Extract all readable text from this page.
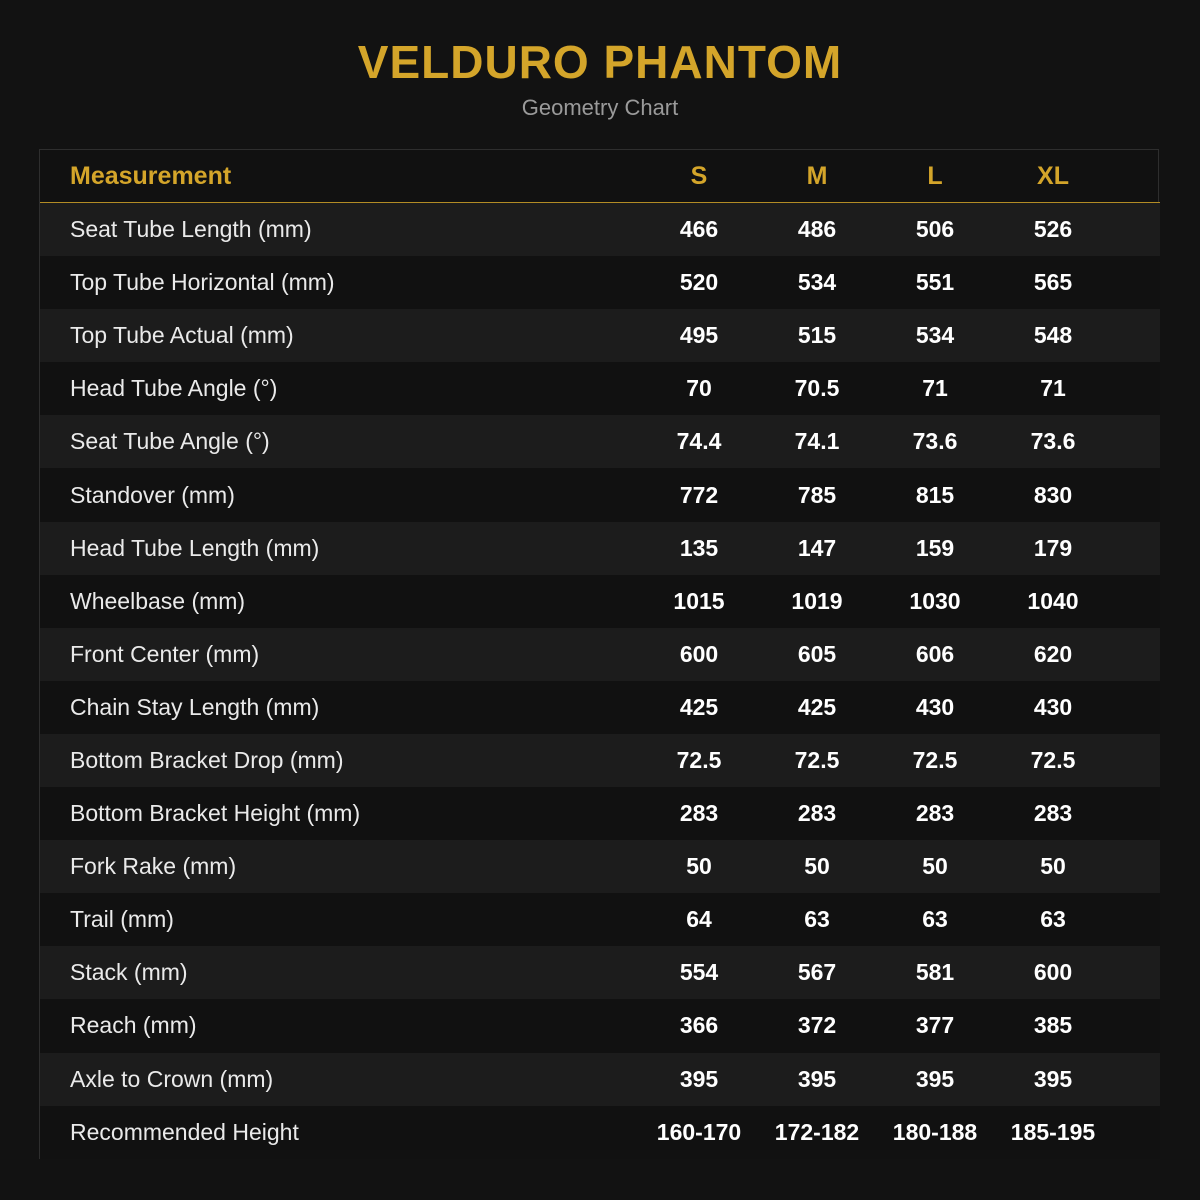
VELDURO PHANTOM
Geometry Chart
Measurement	S	M	L	XL	
Seat Tube Length (mm)	466	486	506	526	
Top Tube Horizontal (mm)	520	534	551	565	
Top Tube Actual (mm)	495	515	534	548	
Head Tube Angle (°)	70	70.5	71	71	
Seat Tube Angle (°)	74.4	74.1	73.6	73.6	
Standover (mm)	772	785	815	830	
Head Tube Length (mm)	135	147	159	179	
Wheelbase (mm)	1015	1019	1030	1040	
Front Center (mm)	600	605	606	620	
Chain Stay Length (mm)	425	425	430	430	
Bottom Bracket Drop (mm)	72.5	72.5	72.5	72.5	
Bottom Bracket Height (mm)	283	283	283	283	
Fork Rake (mm)	50	50	50	50	
Trail (mm)	64	63	63	63	
Stack (mm)	554	567	581	600	
Reach (mm)	366	372	377	385	
Axle to Crown (mm)	395	395	395	395	
Recommended Height	160-170	172-182	180-188	185-195	
